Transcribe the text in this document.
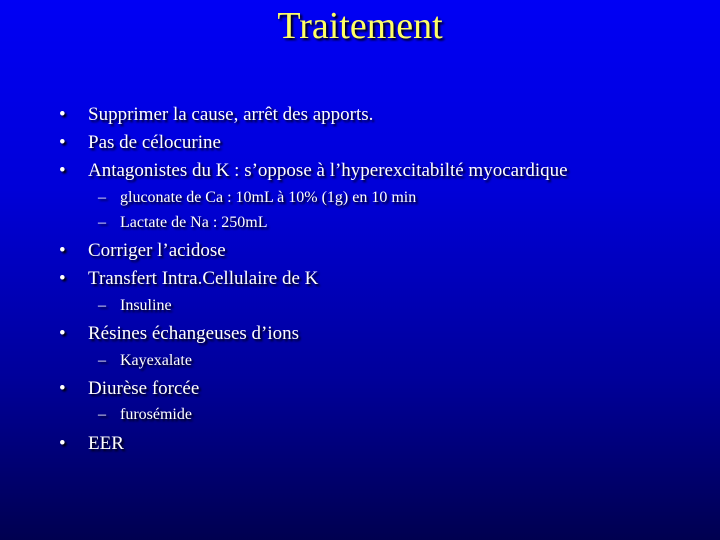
Traitement
• Supprimer la cause, arrêt des apports.
• Pas de célocurine
• Antagonistes du K : s’oppose à l’hyperexcitabilté myocardique
– gluconate de Ca : 10mL à 10% (1g) en 10 min
– Lactate de Na : 250mL
• Corriger l’acidose
• Transfert Intra.Cellulaire de K
– Insuline
• Résines échangeuses d’ions
– Kayexalate
• Diurèse forcée
– furosémide
• EER
